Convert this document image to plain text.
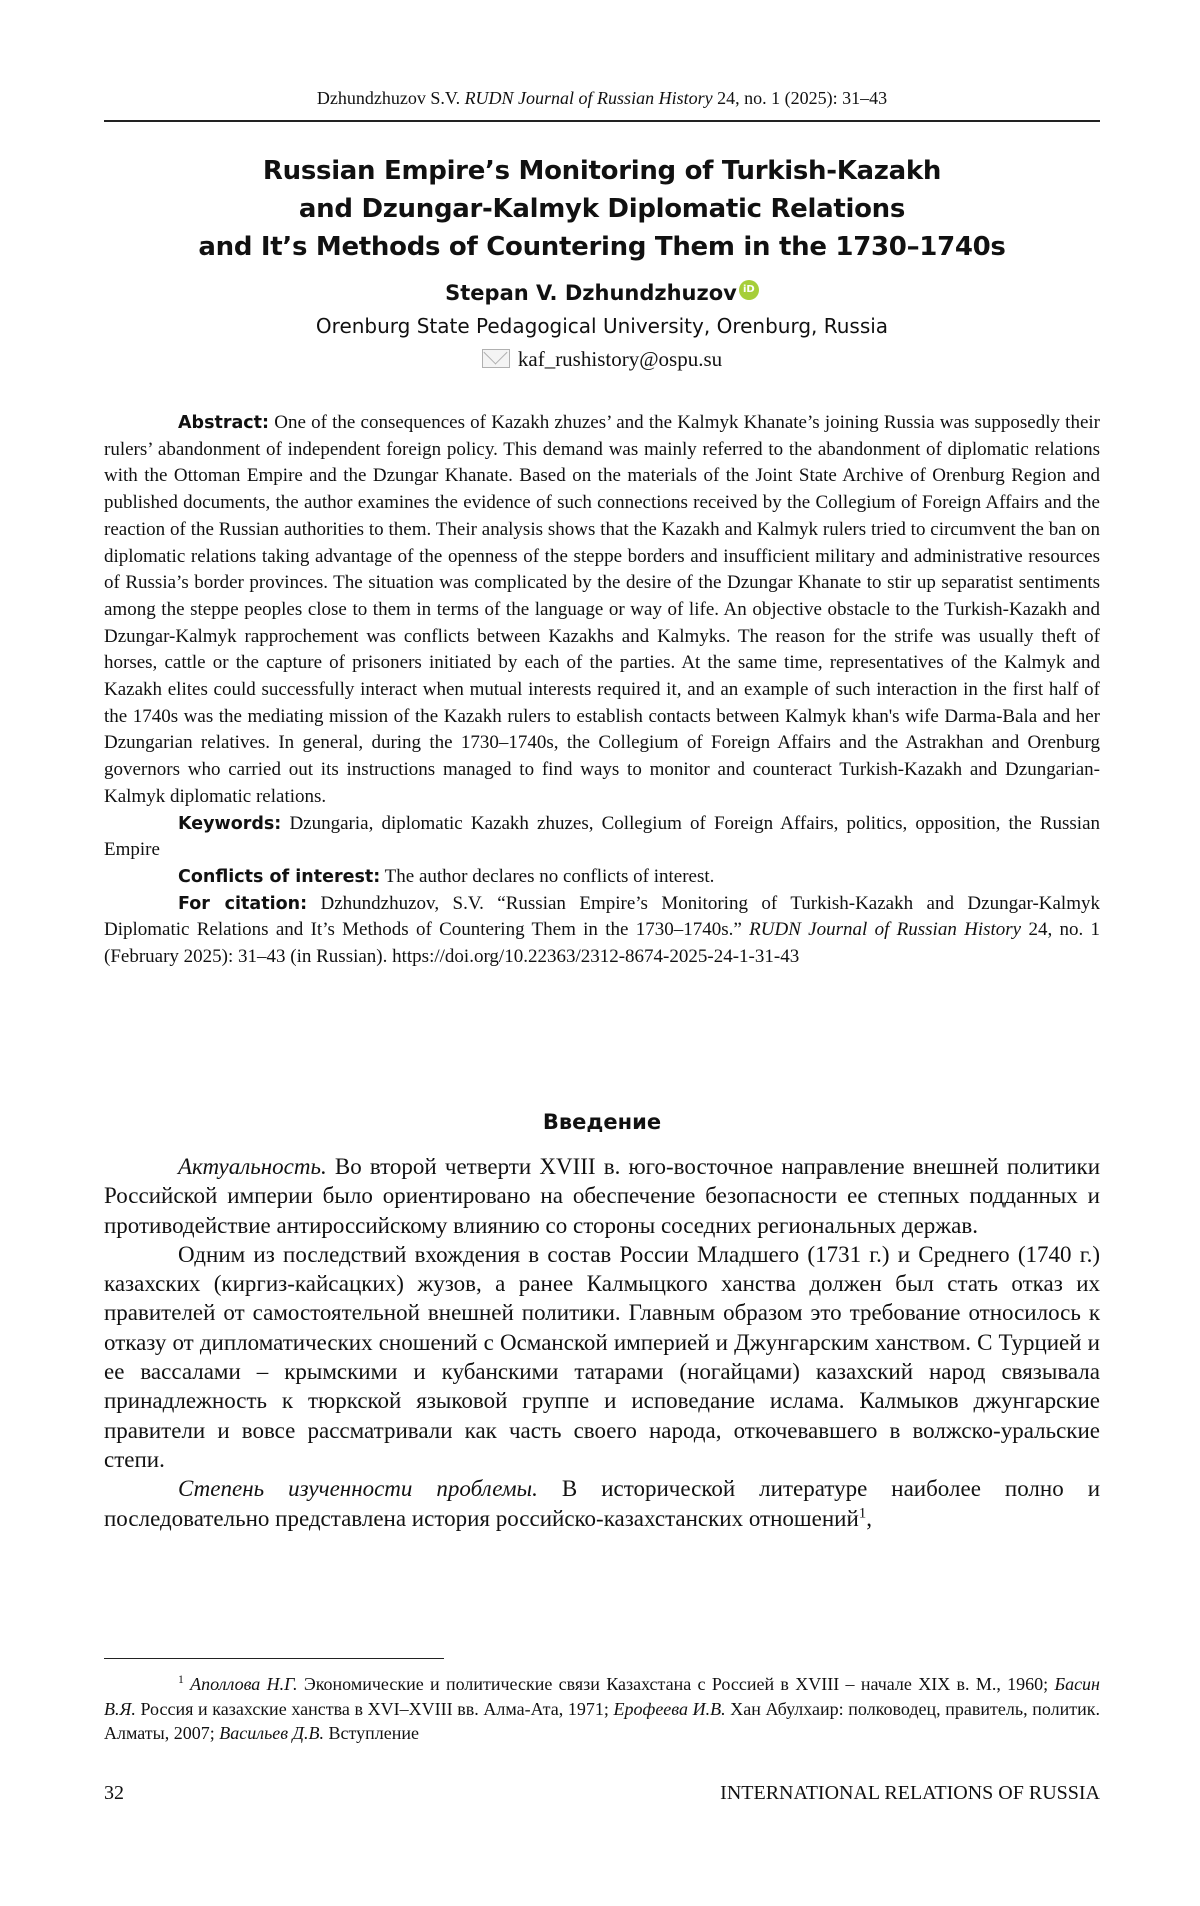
Dzhundzhuzov S.V. RUDN Journal of Russian History 24, no. 1 (2025): 31–43
Russian Empire’s Monitoring of Turkish-Kazakh
and Dzungar-Kalmyk Diplomatic Relations
and It’s Methods of Countering Them in the 1730–1740s
Stepan V. Dzhundzhuzov iD
Orenburg State Pedagogical University, Orenburg, Russia
kaf_rushistory@ospu.su

Abstract: One of the consequences of Kazakh zhuzes’ and the Kalmyk Khanate’s joining Russia was supposedly their rulers’ abandonment of independent foreign policy. This demand was mainly referred to the abandonment of diplomatic relations with the Ottoman Empire and the Dzungar Khanate. Based on the materials of the Joint State Archive of Orenburg Region and published documents, the author examines the evidence of such connections received by the Collegium of Foreign Affairs and the reaction of the Russian authorities to them. Their analysis shows that the Kazakh and Kalmyk rulers tried to circumvent the ban on diplomatic relations taking advantage of the openness of the steppe borders and insufficient military and administrative resources of Russia’s border provinces. The situation was complicated by the desire of the Dzungar Khanate to stir up separatist sentiments among the steppe peoples close to them in terms of the language or way of life. An objective obstacle to the Turkish-Kazakh and Dzungar-Kalmyk rapprochement was conflicts between Kazakhs and Kalmyks. The reason for the strife was usually theft of horses, cattle or the capture of prisoners initiated by each of the parties. At the same time, representatives of the Kalmyk and Kazakh elites could successfully interact when mutual interests required it, and an example of such interaction in the first half of the 1740s was the mediating mission of the Kazakh rulers to establish contacts between Kalmyk khan's wife Darma-Bala and her Dzungarian relatives. In general, during the 1730–1740s, the Collegium of Foreign Affairs and the Astrakhan and Orenburg governors who carried out its instructions managed to find ways to monitor and counteract Turkish-Kazakh and Dzungarian-Kalmyk diplomatic relations.

Keywords: Dzungaria, diplomatic Kazakh zhuzes, Collegium of Foreign Affairs, politics, opposition, the Russian Empire

Conflicts of interest: The author declares no conflicts of interest.

For citation: Dzhundzhuzov, S.V. “Russian Empire’s Monitoring of Turkish-Kazakh and Dzungar-Kalmyk Diplomatic Relations and It’s Methods of Countering Them in the 1730–1740s.” RUDN Journal of Russian History 24, no. 1 (February 2025): 31–43 (in Russian). https://doi.org/10.22363/2312-8674-2025-24-1-31-43

Введение

Актуальность. Во второй четверти XVIII в. юго-восточное направление внешней политики Российской империи было ориентировано на обеспечение безопасности ее степных подданных и противодействие антироссийскому влиянию со стороны соседних региональных держав.

Одним из последствий вхождения в состав России Младшего (1731 г.) и Среднего (1740 г.) казахских (киргиз-кайсацких) жузов, а ранее Калмыцкого ханства должен был стать отказ их правителей от самостоятельной внешней политики. Главным образом это требование относилось к отказу от дипломатических сношений с Османской империей и Джунгарским ханством. С Турцией и ее вассалами – крымскими и кубанскими татарами (ногайцами) казахский народ связывала принадлежность к тюркской языковой группе и исповедание ислама. Калмыков джунгарские правители и вовсе рассматривали как часть своего народа, откочевавшего в волжско-уральские степи.

Степень изученности проблемы. В исторической литературе наиболее полно и последовательно представлена история российско-казахстанских отношений1,

1 Аполлова Н.Г. Экономические и политические связи Казахстана с Россией в XVIII – начале XIX в. М., 1960; Басин В.Я. Россия и казахские ханства в XVI–XVIII вв. Алма-Ата, 1971; Ерофеева И.В. Хан Абулхаир: полководец, правитель, политик. Алматы, 2007; Васильев Д.В. Вступление
32	INTERNATIONAL RELATIONS OF RUSSIA
